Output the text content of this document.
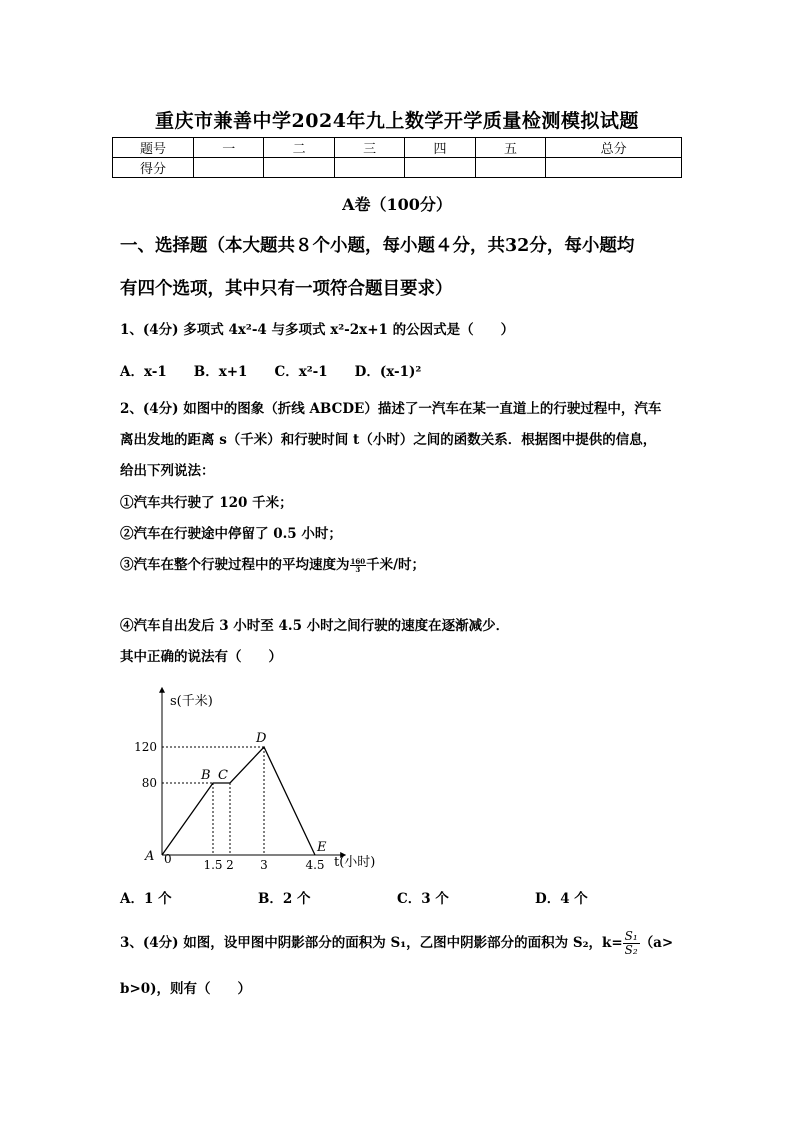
重庆市兼善中学2024年九上数学开学质量检测模拟试题
题号	一	二	三	四	五	总分
得分						
A卷（100分）
一、选择题（本大题共８个小题，每小题４分，共32分，每小题均
有四个选项，其中只有一项符合题目要求）
1、(4分) 多项式 4x²-4 与多项式 x²-2x+1 的公因式是（　　）
A．x-1　　B．x+1　　C．x²-1　　D．(x-1)²
2、(4分) 如图中的图象（折线 ABCDE）描述了一汽车在某一直道上的行驶过程中，汽车
离出发地的距离 s（千米）和行驶时间 t（小时）之间的函数关系．根据图中提供的信息，
给出下列说法：
①汽车共行驶了 120 千米；
②汽车在行驶途中停留了 0.5 小时；
③汽车在整个行驶过程中的平均速度为 $\frac{160}{3}$ 千米/时；
④汽车自出发后 3 小时至 4.5 小时之间行驶的速度在逐渐减少．
其中正确的说法有（　　）
s(千米)
t(小时)
120
80
1.5 2 3	4.5
0
A
B C
D
E
A．1 个	B．2 个	C．3 个	D．4 个
3、(4分) 如图，设甲图中阴影部分的面积为 S₁，乙图中阴影部分的面积为 S₂，$k= \frac{\text{S₁}}{\text{S₂}} (a>$
b>0)，则有（　　）
